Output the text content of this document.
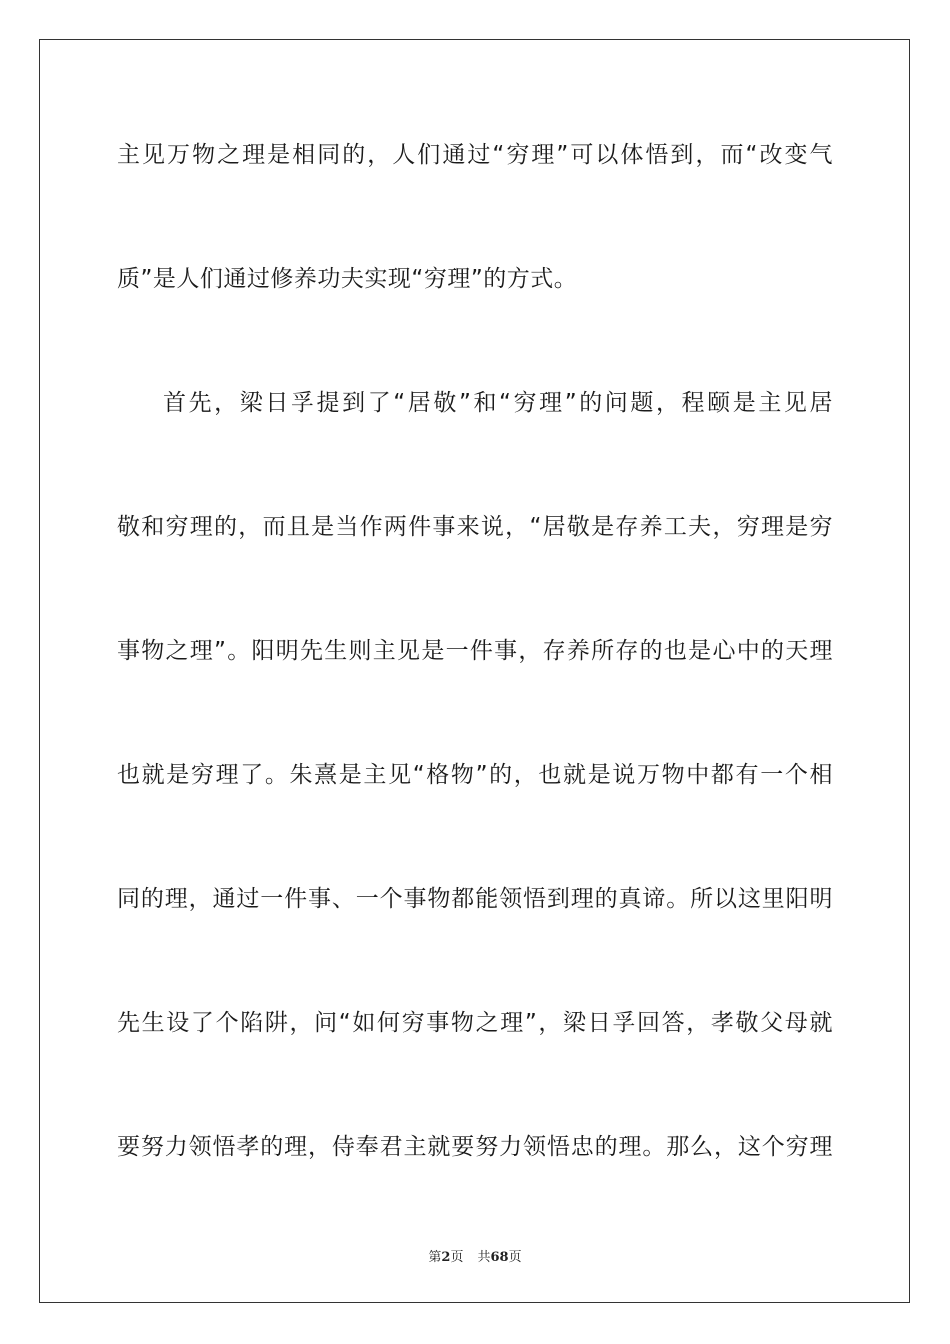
主见万物之理是相同的，人们通过“穷理”可以体悟到，而“改变气
质”是人们通过修养功夫实现“穷理”的方式。
首先，梁日孚提到了“居敬”和“穷理”的问题，程颐是主见居
敬和穷理的，而且是当作两件事来说，“居敬是存养工夫，穷理是穷
事物之理”。阳明先生则主见是一件事，存养所存的也是心中的天理
也就是穷理了。朱熹是主见“格物”的，也就是说万物中都有一个相
同的理，通过一件事、一个事物都能领悟到理的真谛。所以这里阳明
先生设了个陷阱，问“如何穷事物之理”，梁日孚回答，孝敬父母就
要努力领悟孝的理，侍奉君主就要努力领悟忠的理。那么，这个穷理
第2页 共68页
